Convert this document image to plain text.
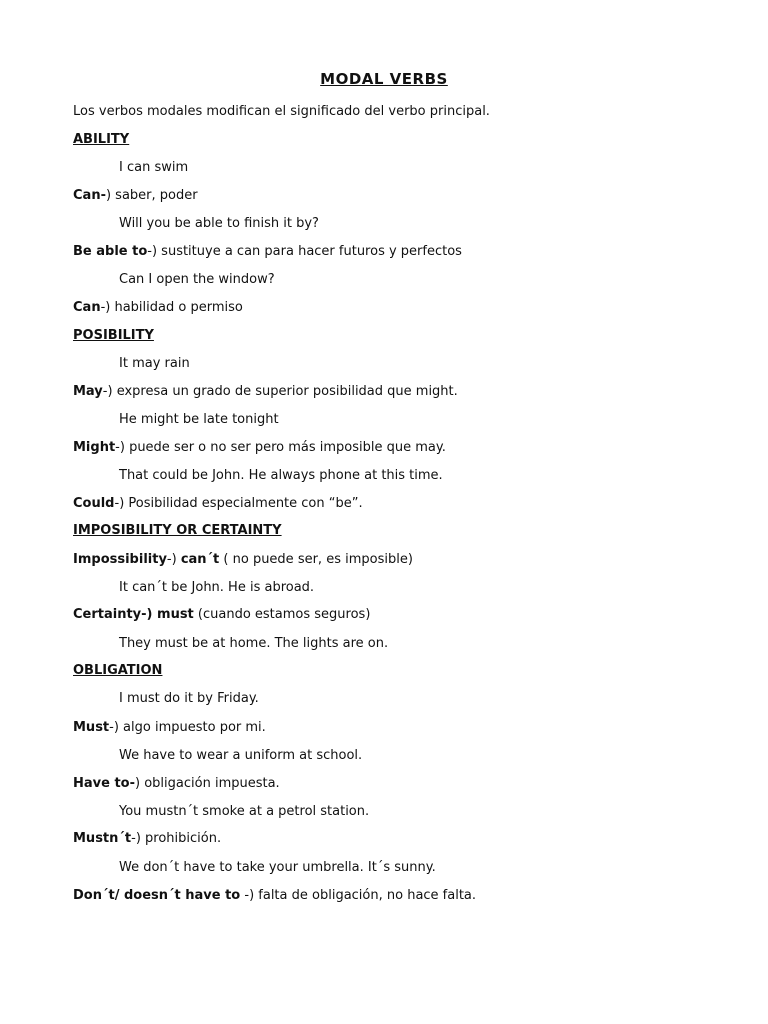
MODAL VERBS
Los verbos modales modifican el significado del verbo principal.
ABILITY
I can swim
Can-) saber, poder
Will you be able to finish it by?
Be able to-) sustituye a can para hacer futuros y perfectos
Can I open the window?
Can-) habilidad o permiso
POSIBILITY
It may rain
May-) expresa un grado de superior posibilidad que might.
He might be late tonight
Might-) puede ser o no ser pero más imposible que may.
That could be John. He always phone at this time.
Could-) Posibilidad especialmente con “be”.
IMPOSIBILITY OR CERTAINTY
Impossibility-) can´t ( no puede ser, es imposible)
It can´t be John. He is abroad.
Certainty-) must (cuando estamos seguros)
They must be at home. The lights are on.
OBLIGATION
I must do it by Friday.
Must-) algo impuesto por mi.
We have to wear a uniform at school.
Have to-) obligación impuesta.
You mustn´t smoke at a petrol station.
Mustn´t-) prohibición.
We don´t have to take your umbrella. It´s sunny.
Don´t/ doesn´t have to -) falta de obligación, no hace falta.
